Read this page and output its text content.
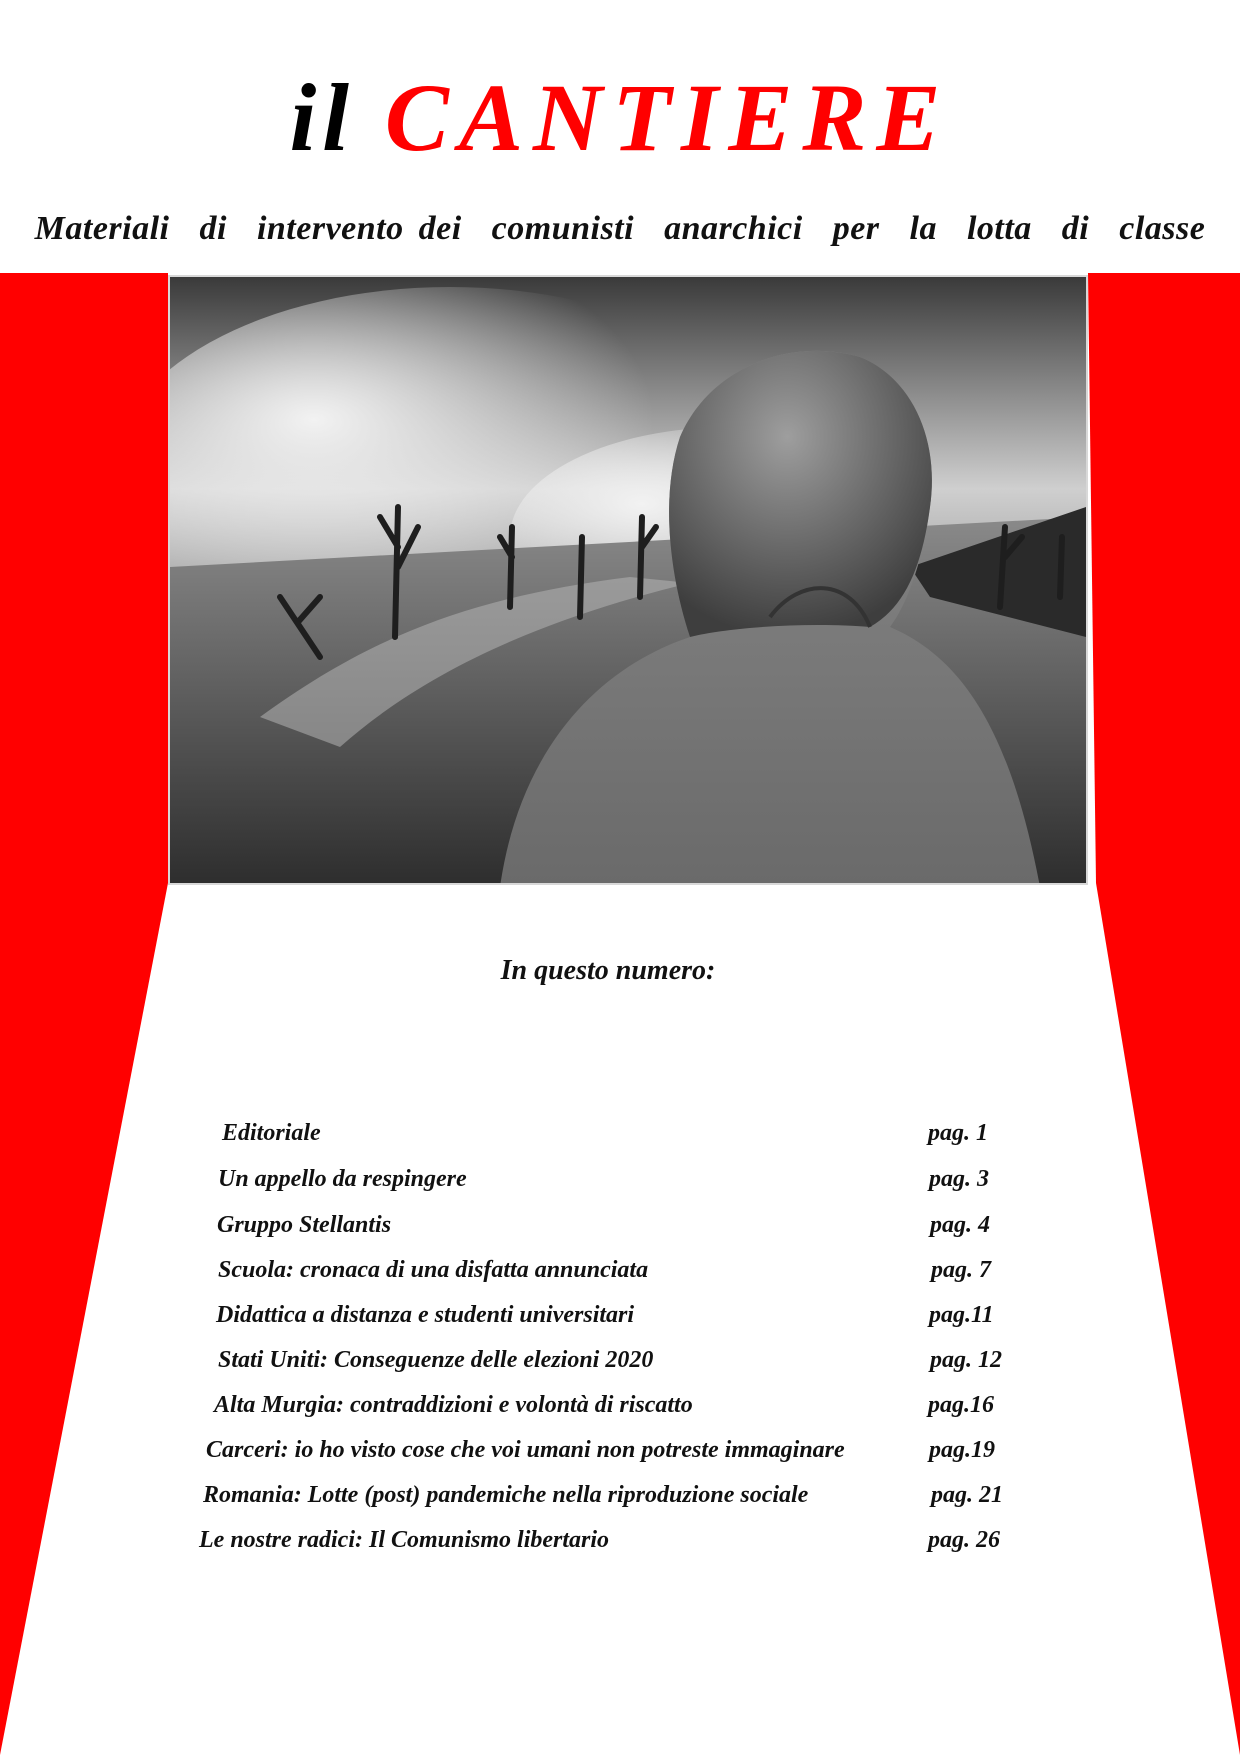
il CANTIERE
Materiali  di  intervento dei  comunisti  anarchici  per  la  lotta  di  classe
In questo numero:
Editoriale	pag. 1
Un appello da respingere	pag. 3
Gruppo Stellantis	pag. 4
Scuola: cronaca di una disfatta annunciata	pag. 7
Didattica a distanza e studenti universitari	pag.11
Stati Uniti: Conseguenze delle elezioni 2020	pag. 12
Alta Murgia: contraddizioni e volontà di riscatto	pag.16
Carceri: io ho visto cose che voi umani non potreste immaginare	pag.19
Romania: Lotte (post) pandemiche nella riproduzione sociale	pag. 21
Le nostre radici: Il Comunismo libertario	pag. 26
